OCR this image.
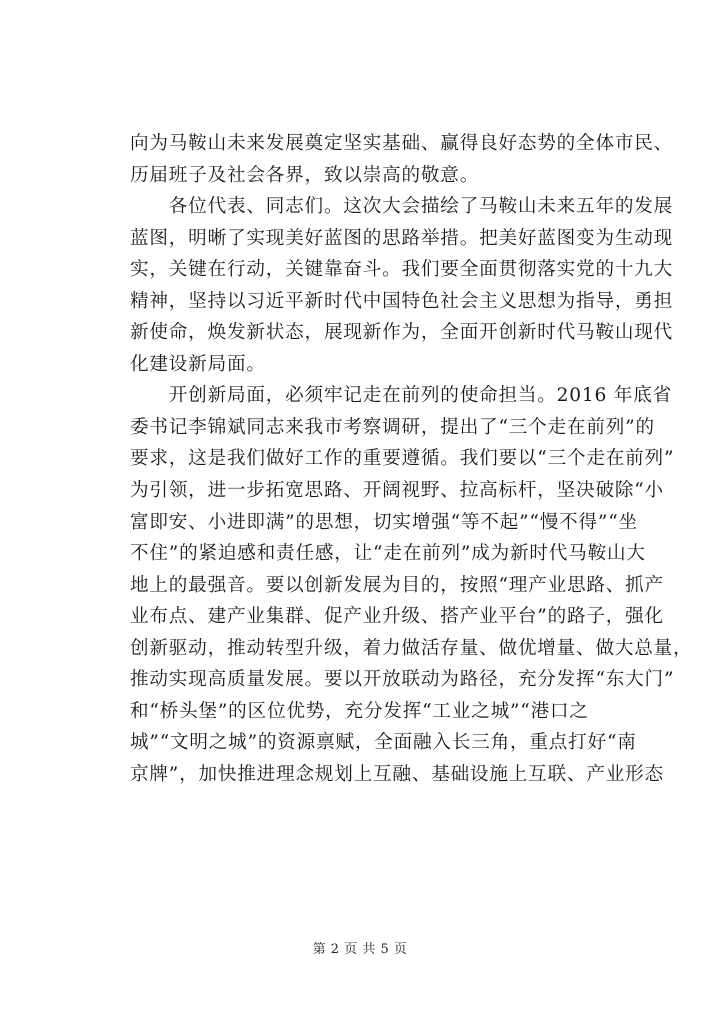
向为马鞍山未来发展奠定坚实基础、赢得良好态势的全体市民、
历届班子及社会各界，致以崇高的敬意。
　　各位代表、同志们。这次大会描绘了马鞍山未来五年的发展
蓝图，明晰了实现美好蓝图的思路举措。把美好蓝图变为生动现
实，关键在行动，关键靠奋斗。我们要全面贯彻落实党的十九大
精神，坚持以习近平新时代中国特色社会主义思想为指导，勇担
新使命，焕发新状态，展现新作为，全面开创新时代马鞍山现代
化建设新局面。
　　开创新局面，必须牢记走在前列的使命担当。2016 年底省
委书记李锦斌同志来我市考察调研，提出了“三个走在前列”的
要求，这是我们做好工作的重要遵循。我们要以“三个走在前列”
为引领，进一步拓宽思路、开阔视野、拉高标杆，坚决破除“小
富即安、小进即满”的思想，切实增强“等不起”“慢不得”“坐
不住”的紧迫感和责任感，让“走在前列”成为新时代马鞍山大
地上的最强音。要以创新发展为目的，按照“理产业思路、抓产
业布点、建产业集群、促产业升级、搭产业平台”的路子，强化
创新驱动，推动转型升级，着力做活存量、做优增量、做大总量，
推动实现高质量发展。要以开放联动为路径，充分发挥“东大门”
和“桥头堡”的区位优势，充分发挥“工业之城”“港口之
城”“文明之城”的资源禀赋，全面融入长三角，重点打好“南
京牌”，加快推进理念规划上互融、基础设施上互联、产业形态
第 2 页 共 5 页
